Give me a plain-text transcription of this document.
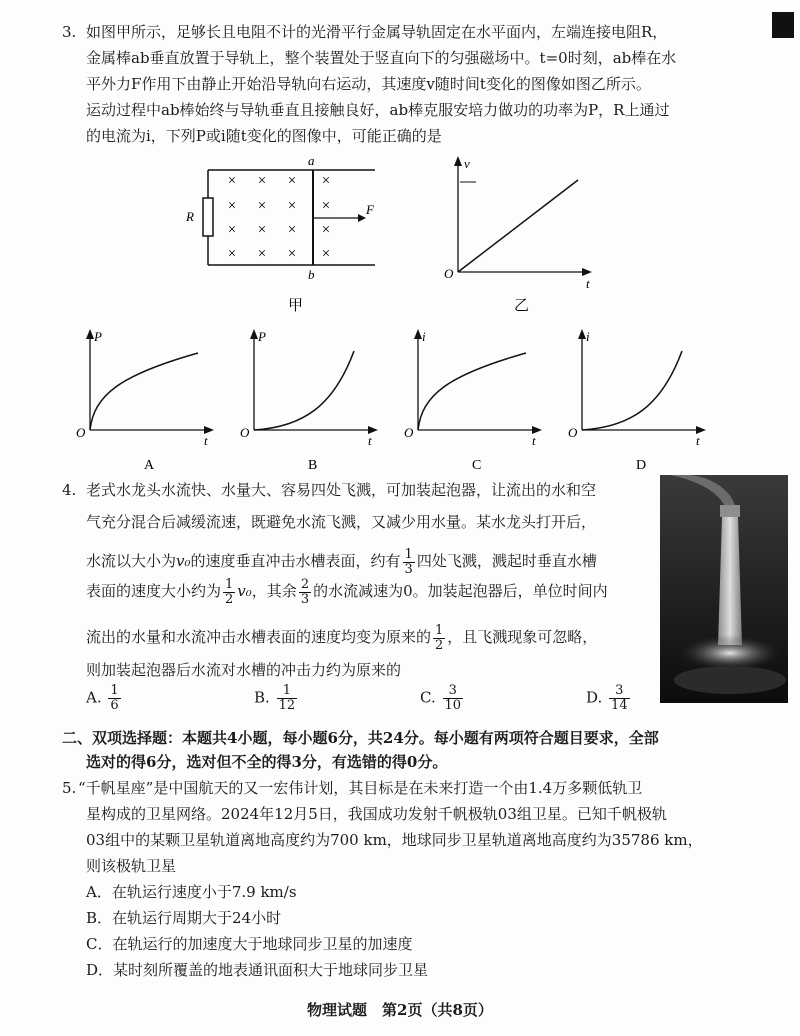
3. 如图甲所示，足够长且电阻不计的光滑平行金属导轨固定在水平面内，左端连接电阻R，
金属棒ab垂直放置于导轨上，整个装置处于竖直向下的匀强磁场中。t=0时刻，ab棒在水
平外力F作用下由静止开始沿导轨向右运动，其速度v随时间t变化的图像如图乙所示。
运动过程中ab棒始终与导轨垂直且接触良好，ab棒克服安培力做功的功率为P，R上通过
的电流为i，下列P或i随t变化的图像中，可能正确的是
a
b
R	F
× × × ×
× × × ×
× × × ×
× × × ×
甲
v
t
O
乙
P
t
O
A
P
t
O
B
i
t
O
C
i
t
O
D
4. 老式水龙头水流快、水量大、容易四处飞溅，可加装起泡器，让流出的水和空
气充分混合后减缓流速，既避免水流飞溅，又减少用水量。某水龙头打开后，
水流以大小为v₀的速度垂直冲击水槽表面，约有 $\frac{1}{3}$ 四处飞溅，溅起时垂直水槽
表面的速度大小约为 $\frac{1}{2} v_0$，其余 $\frac{2}{3}$ 的水流减速为0。加装起泡器后，单位时间内
流出的水量和水流冲击水槽表面的速度均变为原来的 $\frac{1}{2}$ ，且飞溅现象可忽略，
则加装起泡器后水流对水槽的冲击力约为原来的
A. $\frac{1}{6}$	B. $\frac{1}{12}$	C. $\frac{3}{10}$	D. $\frac{3}{14}$
二、双项选择题：本题共4小题，每小题6分，共24分。每小题有两项符合题目要求，全部
选对的得6分，选对但不全的得3分，有选错的得0分。
5. “千帆星座”是中国航天的又一宏伟计划，其目标是在未来打造一个由1.4万多颗低轨卫
星构成的卫星网络。2024年12月5日，我国成功发射千帆极轨03组卫星。已知千帆极轨
03组中的某颗卫星轨道离地高度约为700 km，地球同步卫星轨道离地高度约为35786 km，
则该极轨卫星
A．在轨运行速度小于7.9 km/s
B．在轨运行周期大于24小时
C．在轨运行的加速度大于地球同步卫星的加速度
D．某时刻所覆盖的地表通讯面积大于地球同步卫星
物理试题　第2页（共8页）
